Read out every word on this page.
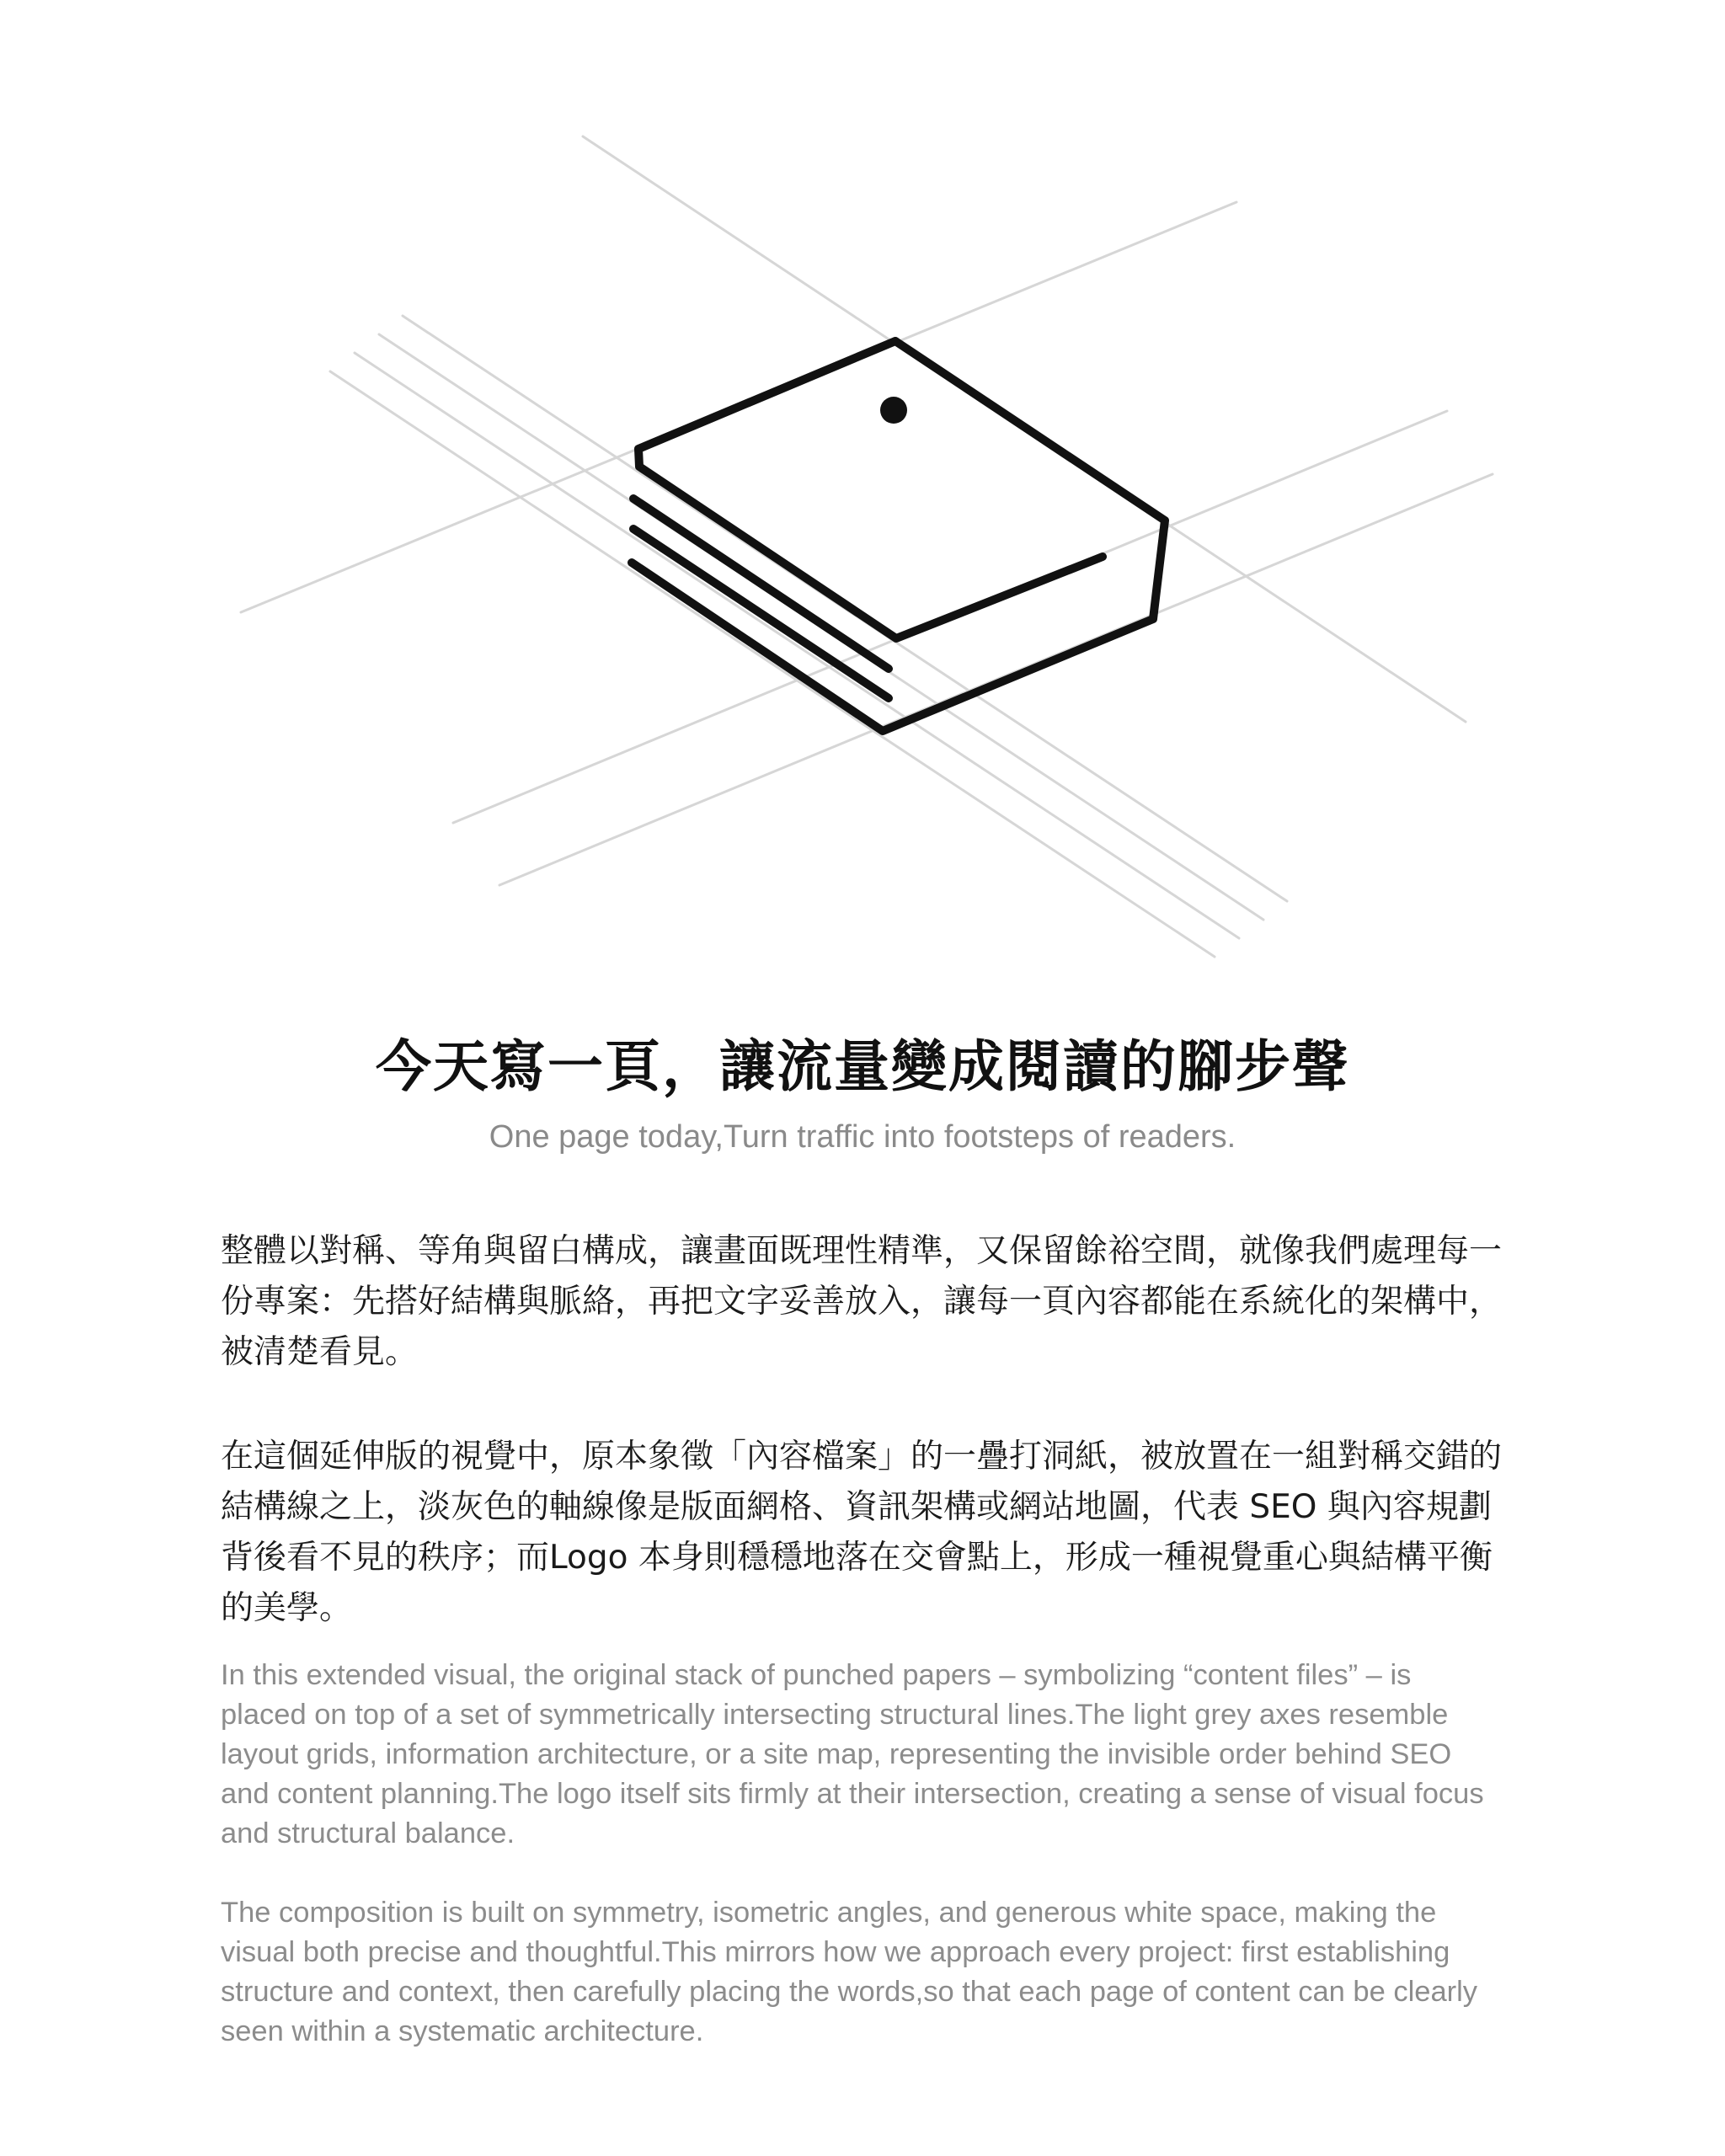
今天寫一頁，讓流量變成閱讀的腳步聲
One page today,Turn traffic into footsteps of readers.

整體以對稱、等角與留白構成，讓畫面既理性精準，又保留餘裕空間，就像我們處理每一份專案：先搭好結構與脈絡，再把文字妥善放入，讓每一頁內容都能在系統化的架構中，被清楚看見。

在這個延伸版的視覺中，原本象徵「內容檔案」的一疊打洞紙，被放置在一組對稱交錯的結構線之上，淡灰色的軸線像是版面網格、資訊架構或網站地圖，代表 SEO 與內容規劃背後看不見的秩序；而Logo 本身則穩穩地落在交會點上，形成一種視覺重心與結構平衡的美學。

In this extended visual, the original stack of punched papers – symbolizing “content files” – is placed on top of a set of symmetrically intersecting structural lines.The light grey axes resemble layout grids, information architecture, or a site map, representing the invisible order behind SEO and content planning.The logo itself sits firmly at their intersection, creating a sense of visual focus and structural balance.

The composition is built on symmetry, isometric angles, and generous white space, making the visual both precise and thoughtful.This mirrors how we approach every project: first establishing structure and context, then carefully placing the words,so that each page of content can be clearly seen within a systematic architecture.
